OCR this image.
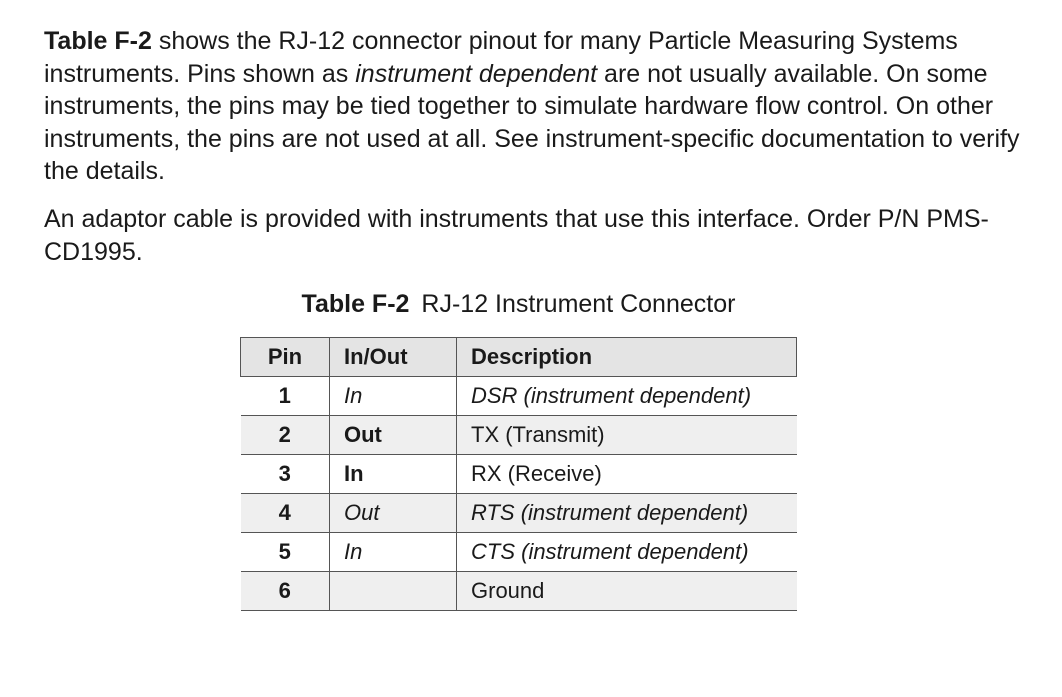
Table F-2 shows the RJ-12 connector pinout for many Particle Measuring Systems instruments. Pins shown as instrument dependent are not usually available. On some instruments, the pins may be tied together to simulate hardware flow control. On other instruments, the pins are not used at all. See instrument-specific documentation to verify the details.

An adaptor cable is provided with instruments that use this interface. Order P/N PMS-CD1995.

Table F-2 RJ-12 Instrument Connector
Pin	In/Out	Description
1	In	DSR (instrument dependent)
2	Out	TX (Transmit)
3	In	RX (Receive)
4	Out	RTS (instrument dependent)
5	In	CTS (instrument dependent)
6		Ground
